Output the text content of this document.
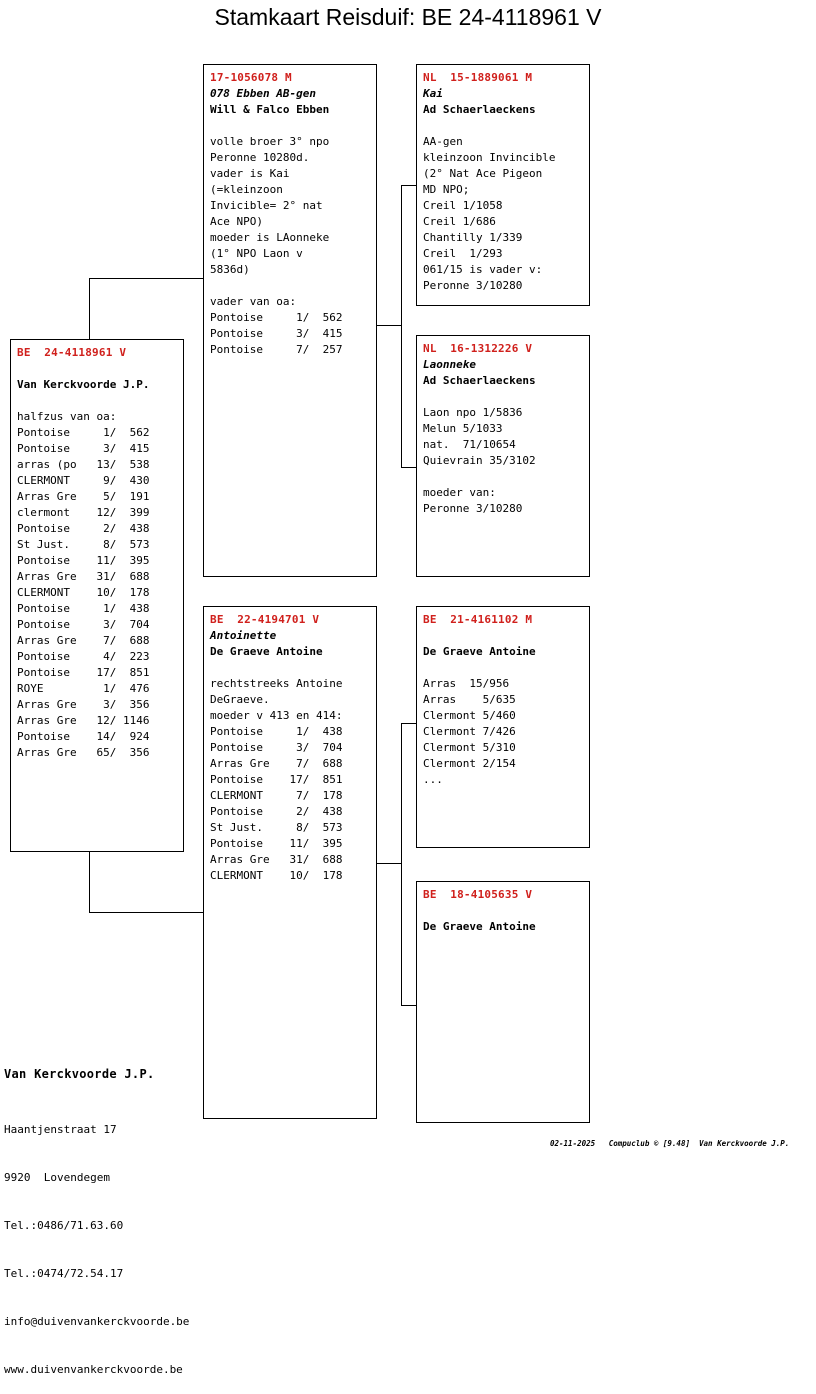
Stamkaart Reisduif: BE 24-4118961 V
BE  24-4118961 V
Van Kerckvoorde J.P.
halfzus van oa:
Pontoise     1/  562
Pontoise     3/  415
arras (po   13/  538
CLERMONT     9/  430
Arras Gre    5/  191
clermont    12/  399
Pontoise     2/  438
St Just.     8/  573
Pontoise    11/  395
Arras Gre   31/  688
CLERMONT    10/  178
Pontoise     1/  438
Pontoise     3/  704
Arras Gre    7/  688
Pontoise     4/  223
Pontoise    17/  851
ROYE         1/  476
Arras Gre    3/  356
Arras Gre   12/ 1146
Pontoise    14/  924
Arras Gre   65/  356
17-1056078 M
078 Ebben AB-gen
Will & Falco Ebben
volle broer 3° npo
Peronne 10280d.
vader is Kai
(=kleinzoon
Invicible= 2° nat
Ace NPO)
moeder is LAonneke
(1° NPO Laon v
5836d)

vader van oa:
Pontoise     1/  562
Pontoise     3/  415
Pontoise     7/  257
BE  22-4194701 V
Antoinette
De Graeve Antoine
rechtstreeks Antoine
DeGraeve.
moeder v 413 en 414:
Pontoise     1/  438
Pontoise     3/  704
Arras Gre    7/  688
Pontoise    17/  851
CLERMONT     7/  178
Pontoise     2/  438
St Just.     8/  573
Pontoise    11/  395
Arras Gre   31/  688
CLERMONT    10/  178
NL  15-1889061 M
Kai
Ad Schaerlaeckens
AA-gen
kleinzoon Invincible
(2° Nat Ace Pigeon
MD NPO;
Creil 1/1058
Creil 1/686
Chantilly 1/339
Creil  1/293
061/15 is vader v:
Peronne 3/10280
NL  16-1312226 V
Laonneke
Ad Schaerlaeckens
Laon npo 1/5836
Melun 5/1033
nat.  71/10654
Quievrain 35/3102

moeder van:
Peronne 3/10280
BE  21-4161102 M
De Graeve Antoine
Arras  15/956
Arras    5/635
Clermont 5/460
Clermont 7/426
Clermont 5/310
Clermont 2/154
...
BE  18-4105635 V
De Graeve Antoine

Van Kerckvoorde J.P.

Haantjenstraat 17

9920  Lovendegem

Tel.:0486/71.63.60

Tel.:0474/72.54.17

info@duivenvankerckvoorde.be

www.duivenvankerckvoorde.be

02-11-2025   Compuclub © [9.48]  Van Kerckvoorde J.P.
